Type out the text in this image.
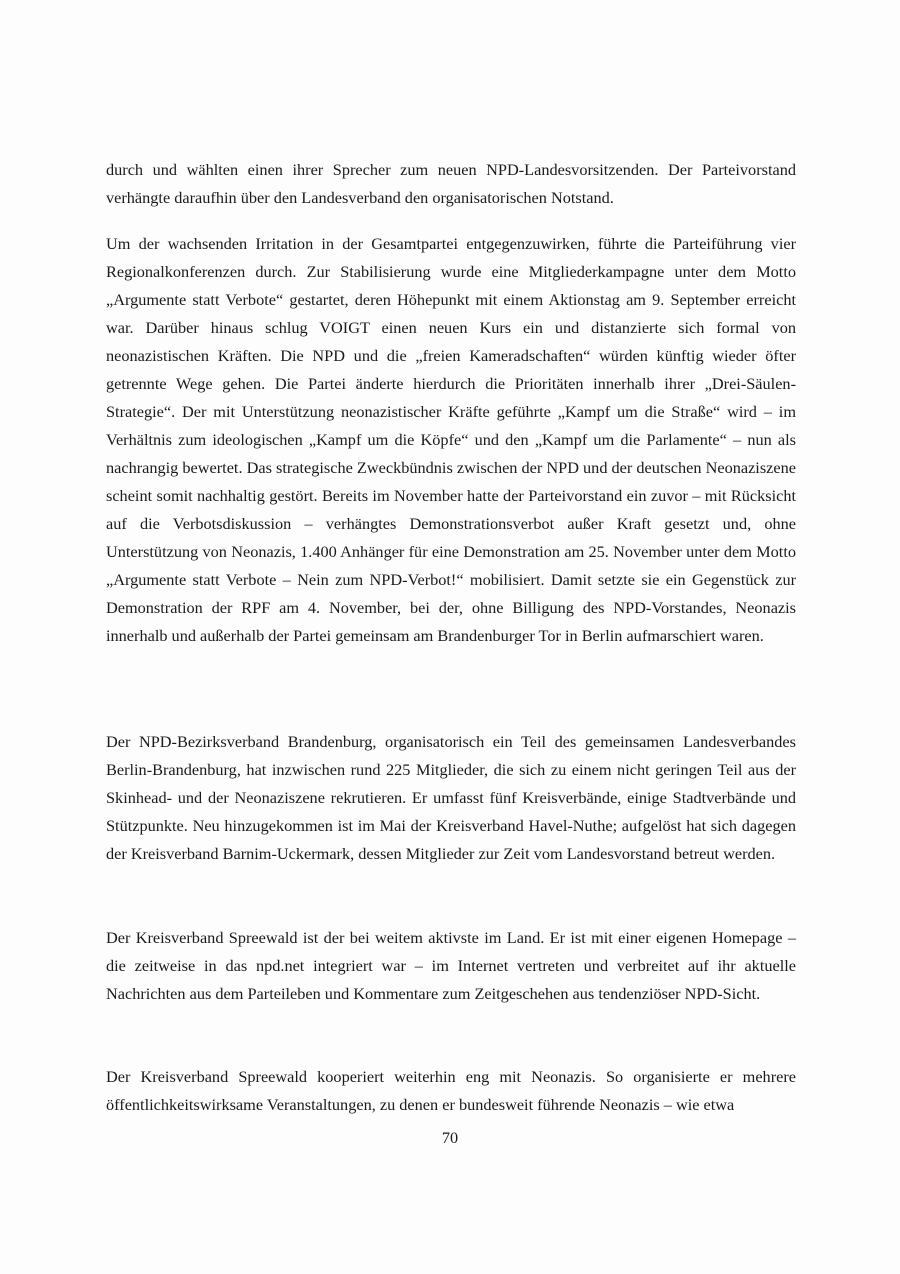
durch und wählten einen ihrer Sprecher zum neuen NPD-Landesvorsitzenden. Der Parteivorstand verhängte daraufhin über den Landesverband den organisatorischen Notstand.

Um der wachsenden Irritation in der Gesamtpartei entgegenzuwirken, führte die Parteiführung vier Regionalkonferenzen durch. Zur Stabilisierung wurde eine Mitgliederkampagne unter dem Motto „Argumente statt Verbote“ gestartet, deren Höhepunkt mit einem Aktionstag am 9. September erreicht war. Darüber hinaus schlug VOIGT einen neuen Kurs ein und distanzierte sich formal von neonazistischen Kräften. Die NPD und die „freien Kameradschaften“ würden künftig wieder öfter getrennte Wege gehen. Die Partei änderte hierdurch die Prioritäten innerhalb ihrer „Drei-Säulen-Strategie“. Der mit Unterstützung neonazistischer Kräfte geführte „Kampf um die Straße“ wird – im Verhältnis zum ideologischen „Kampf um die Köpfe“ und den „Kampf um die Parlamente“ – nun als nachrangig bewertet. Das strategische Zweckbündnis zwischen der NPD und der deutschen Neonaziszene scheint somit nachhaltig gestört. Bereits im November hatte der Parteivorstand ein zuvor – mit Rücksicht auf die Verbotsdiskussion – verhängtes Demonstrationsverbot außer Kraft gesetzt und, ohne Unterstützung von Neonazis, 1.400 Anhänger für eine Demonstration am 25. November unter dem Motto „Argumente statt Verbote – Nein zum NPD-Verbot!“ mobilisiert. Damit setzte sie ein Gegenstück zur Demonstration der RPF am 4. November, bei der, ohne Billigung des NPD-Vorstandes, Neonazis innerhalb und außerhalb der Partei gemeinsam am Brandenburger Tor in Berlin aufmarschiert waren.

Der NPD-Bezirksverband Brandenburg, organisatorisch ein Teil des gemeinsamen Landesverbandes Berlin-Brandenburg, hat inzwischen rund 225 Mitglieder, die sich zu einem nicht geringen Teil aus der Skinhead- und der Neonaziszene rekrutieren. Er umfasst fünf Kreisverbände, einige Stadtverbände und Stützpunkte. Neu hinzugekommen ist im Mai der Kreisverband Havel-Nuthe; aufgelöst hat sich dagegen der Kreisverband Barnim-Uckermark, dessen Mitglieder zur Zeit vom Landesvorstand betreut werden.

Der Kreisverband Spreewald ist der bei weitem aktivste im Land. Er ist mit einer eigenen Homepage – die zeitweise in das npd.net integriert war – im Internet vertreten und verbreitet auf ihr aktuelle Nachrichten aus dem Parteileben und Kommentare zum Zeitgeschehen aus tendenziöser NPD-Sicht.

Der Kreisverband Spreewald kooperiert weiterhin eng mit Neonazis. So organisierte er mehrere öffentlichkeitswirksame Veranstaltungen, zu denen er bundesweit führende Neonazis – wie etwa

70
